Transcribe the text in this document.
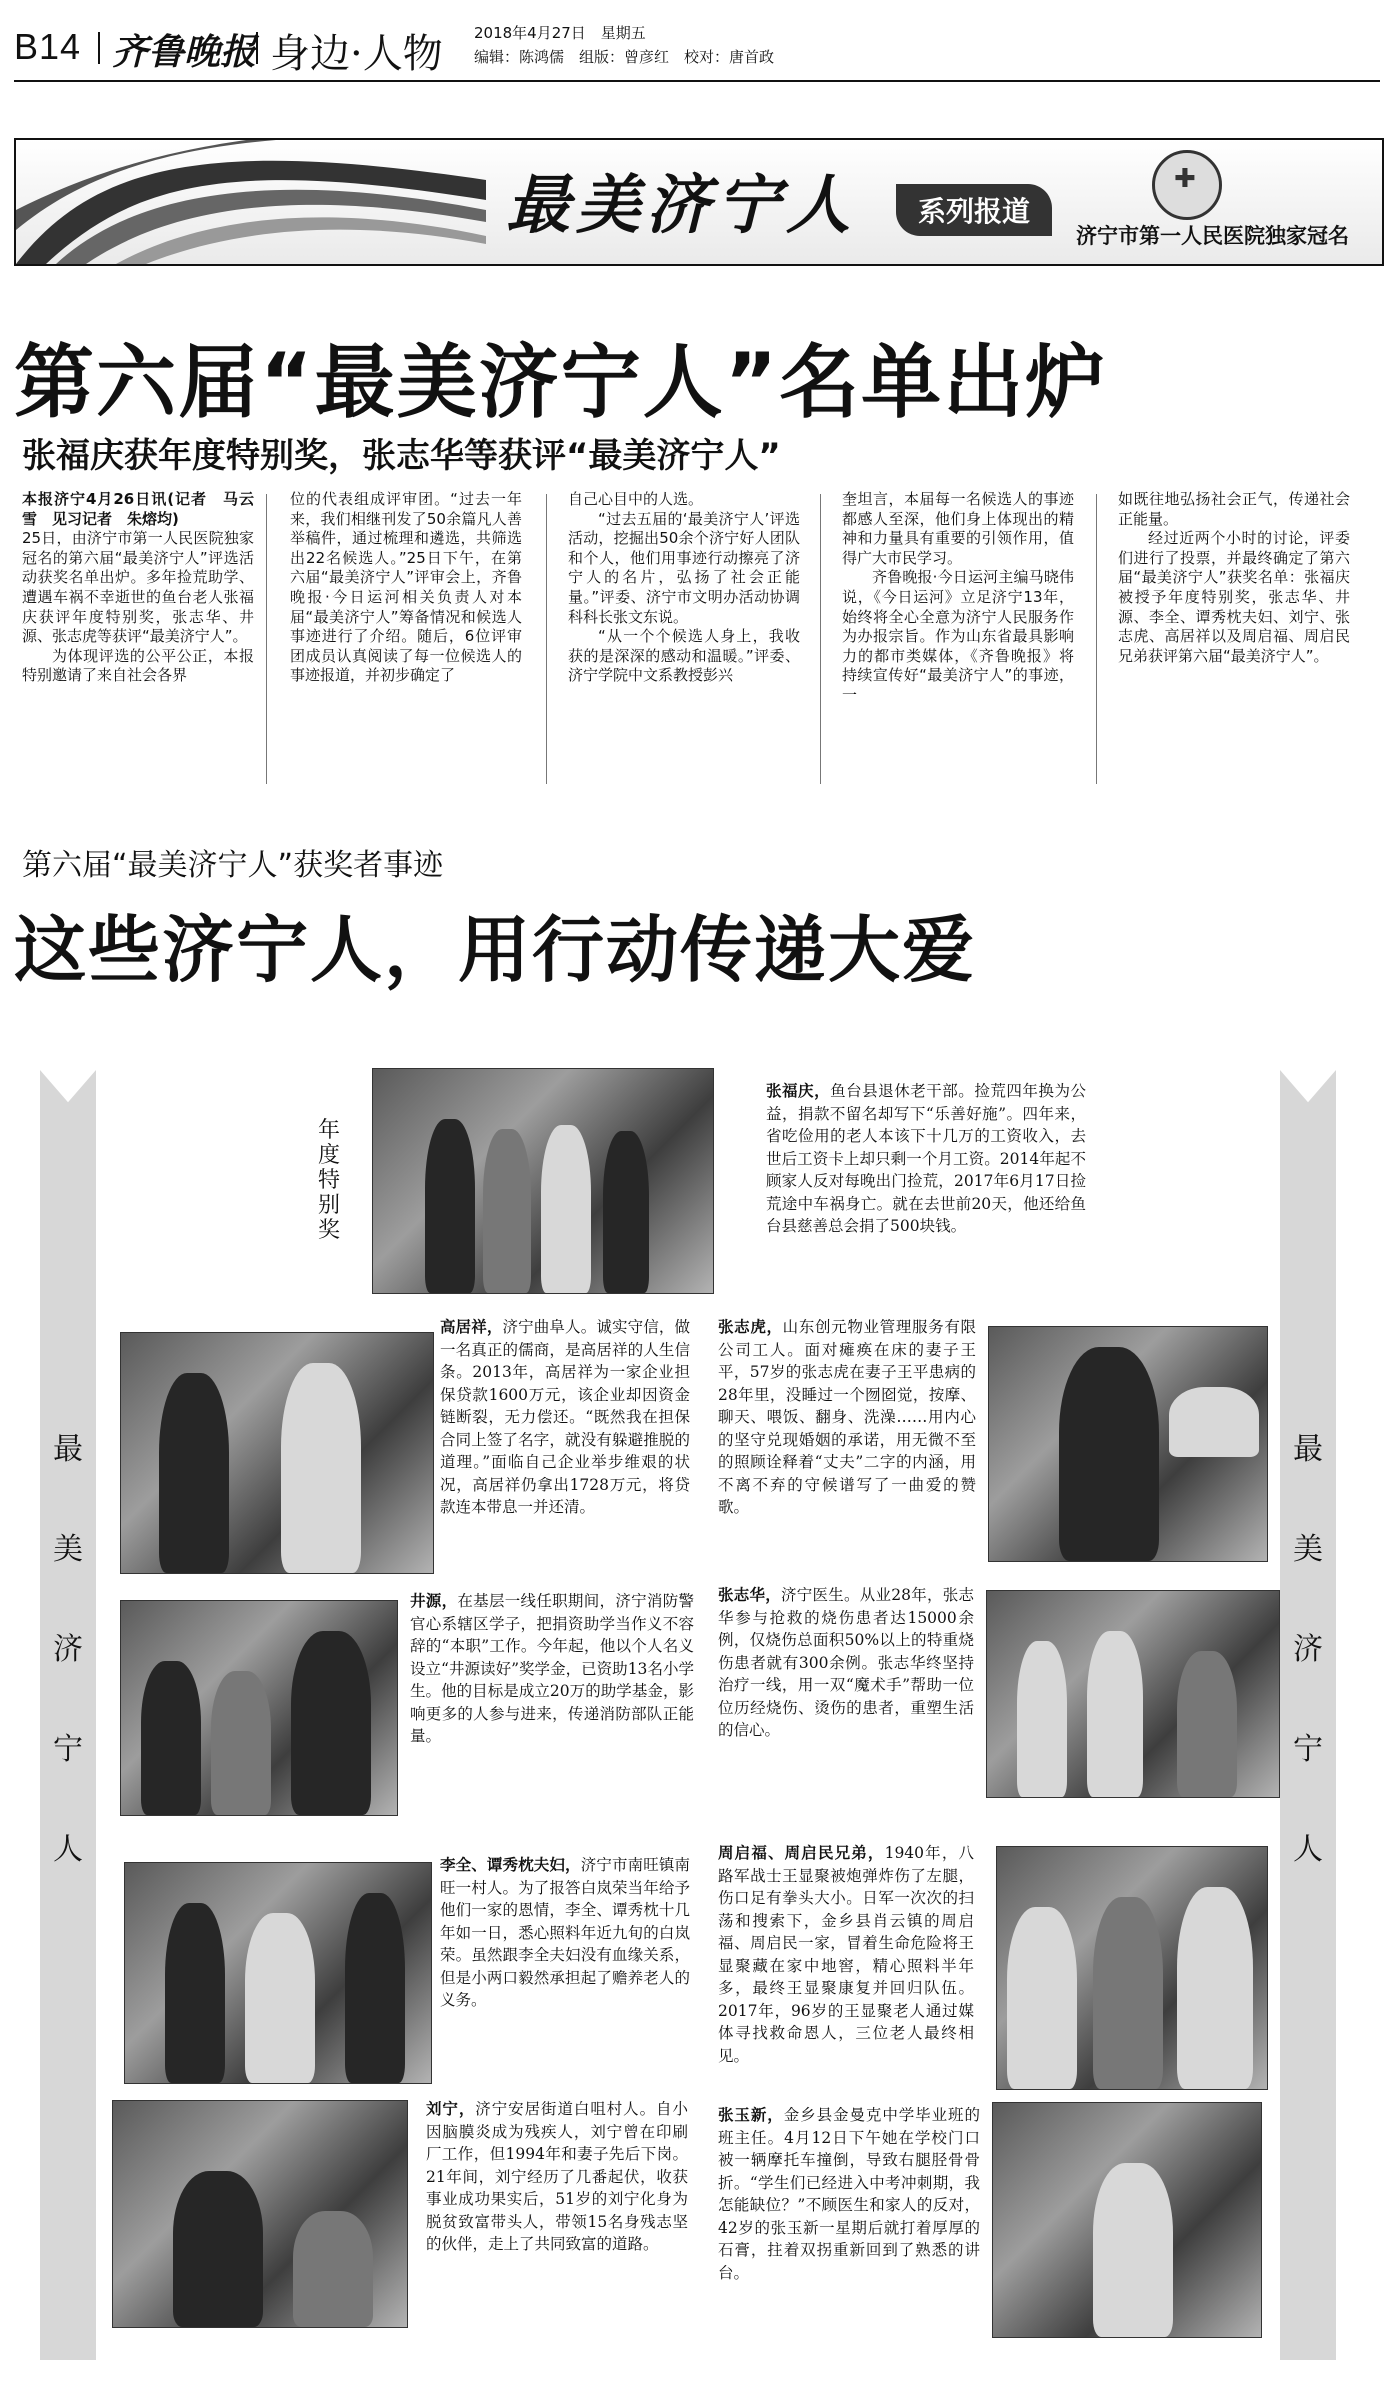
B14 齐鲁晚报 身边·人物 2018年4月27日　星期五
编辑：陈鸿儒　组版：曾彦红　校对：唐首政
最美济宁人	系列报道
✚
济宁市第一人民医院独家冠名
第六届“最美济宁人”名单出炉
张福庆获年度特别奖，张志华等获评“最美济宁人”

本报济宁4月26日讯(记者　马云雪　见习记者　朱熔均)

25日，由济宁市第一人民医院独家冠名的第六届“最美济宁人”评选活动获奖名单出炉。多年捡荒助学、遭遇车祸不幸逝世的鱼台老人张福庆获评年度特别奖，张志华、井源、张志虎等获评“最美济宁人”。

为体现评选的公平公正，本报特别邀请了来自社会各界

位的代表组成评审团。“过去一年来，我们相继刊发了50余篇凡人善举稿件，通过梳理和遴选，共筛选出22名候选人。”25日下午，在第六届“最美济宁人”评审会上，齐鲁晚报·今日运河相关负责人对本届“最美济宁人”筹备情况和候选人事迹进行了介绍。随后，6位评审团成员认真阅读了每一位候选人的事迹报道，并初步确定了

自己心目中的人选。

“过去五届的‘最美济宁人’评选活动，挖掘出50余个济宁好人团队和个人，他们用事迹行动擦亮了济宁人的名片，弘扬了社会正能量。”评委、济宁市文明办活动协调科科长张文东说。

“从一个个候选人身上，我收获的是深深的感动和温暖。”评委、济宁学院中文系教授彭兴

奎坦言，本届每一名候选人的事迹都感人至深，他们身上体现出的精神和力量具有重要的引领作用，值得广大市民学习。

齐鲁晚报·今日运河主编马晓伟说，《今日运河》立足济宁13年，始终将全心全意为济宁人民服务作为办报宗旨。作为山东省最具影响力的都市类媒体，《齐鲁晚报》将持续宣传好“最美济宁人”的事迹，一

如既往地弘扬社会正气，传递社会正能量。

经过近两个小时的讨论，评委们进行了投票，并最终确定了第六届“最美济宁人”获奖名单：张福庆被授予年度特别奖，张志华、井源、李全、谭秀枕夫妇、刘宁、张志虎、高居祥以及周启福、周启民兄弟获评第六届“最美济宁人”。

第六届“最美济宁人”获奖者事迹
这些济宁人，用行动传递大爱
最
美
济
宁
人
最
美
济
宁
人
年度特别奖
张福庆，鱼台县退休老干部。捡荒四年换为公益，捐款不留名却写下“乐善好施”。四年来，省吃俭用的老人本该下十几万的工资收入，去世后工资卡上却只剩一个月工资。2014年起不顾家人反对每晚出门捡荒，2017年6月17日捡荒途中车祸身亡。就在去世前20天，他还给鱼台县慈善总会捐了500块钱。
高居祥，济宁曲阜人。诚实守信，做一名真正的儒商，是高居祥的人生信条。2013年，高居祥为一家企业担保贷款1600万元，该企业却因资金链断裂，无力偿还。“既然我在担保合同上签了名字，就没有躲避推脱的道理。”面临自己企业举步维艰的状况，高居祥仍拿出1728万元，将贷款连本带息一并还清。
张志虎，山东创元物业管理服务有限公司工人。面对瘫痪在床的妻子王平，57岁的张志虎在妻子王平患病的28年里，没睡过一个囫囵觉，按摩、聊天、喂饭、翻身、洗澡……用内心的坚守兑现婚姻的承诺，用无微不至的照顾诠释着“丈夫”二字的内涵，用不离不弃的守候谱写了一曲爱的赞歌。
井源，在基层一线任职期间，济宁消防警官心系辖区学子，把捐资助学当作义不容辞的“本职”工作。今年起，他以个人名义设立“井源读好”奖学金，已资助13名小学生。他的目标是成立20万的助学基金，影响更多的人参与进来，传递消防部队正能量。
张志华，济宁医生。从业28年，张志华参与抢救的烧伤患者达15000余例，仅烧伤总面积50%以上的特重烧伤患者就有300余例。张志华终坚持治疗一线，用一双“魔术手”帮助一位位历经烧伤、烫伤的患者，重塑生活的信心。
李全、谭秀枕夫妇，济宁市南旺镇南旺一村人。为了报答白岚荣当年给予他们一家的恩情，李全、谭秀枕十几年如一日，悉心照料年近九旬的白岚荣。虽然跟李全夫妇没有血缘关系，但是小两口毅然承担起了赡养老人的义务。
周启福、周启民兄弟，1940年，八路军战士王显聚被炮弹炸伤了左腿，伤口足有拳头大小。日军一次次的扫荡和搜索下，金乡县肖云镇的周启福、周启民一家，冒着生命危险将王显聚藏在家中地窖，精心照料半年多，最终王显聚康复并回归队伍。2017年，96岁的王显聚老人通过媒体寻找救命恩人，三位老人最终相见。
刘宁，济宁安居街道白咀村人。自小因脑膜炎成为残疾人，刘宁曾在印刷厂工作，但1994年和妻子先后下岗。21年间，刘宁经历了几番起伏，收获事业成功果实后，51岁的刘宁化身为脱贫致富带头人，带领15名身残志坚的伙伴，走上了共同致富的道路。
张玉新，金乡县金曼克中学毕业班的班主任。4月12日下午她在学校门口被一辆摩托车撞倒，导致右腿胫骨骨折。“学生们已经进入中考冲刺期，我怎能缺位？”不顾医生和家人的反对，42岁的张玉新一星期后就打着厚厚的石膏，拄着双拐重新回到了熟悉的讲台。
